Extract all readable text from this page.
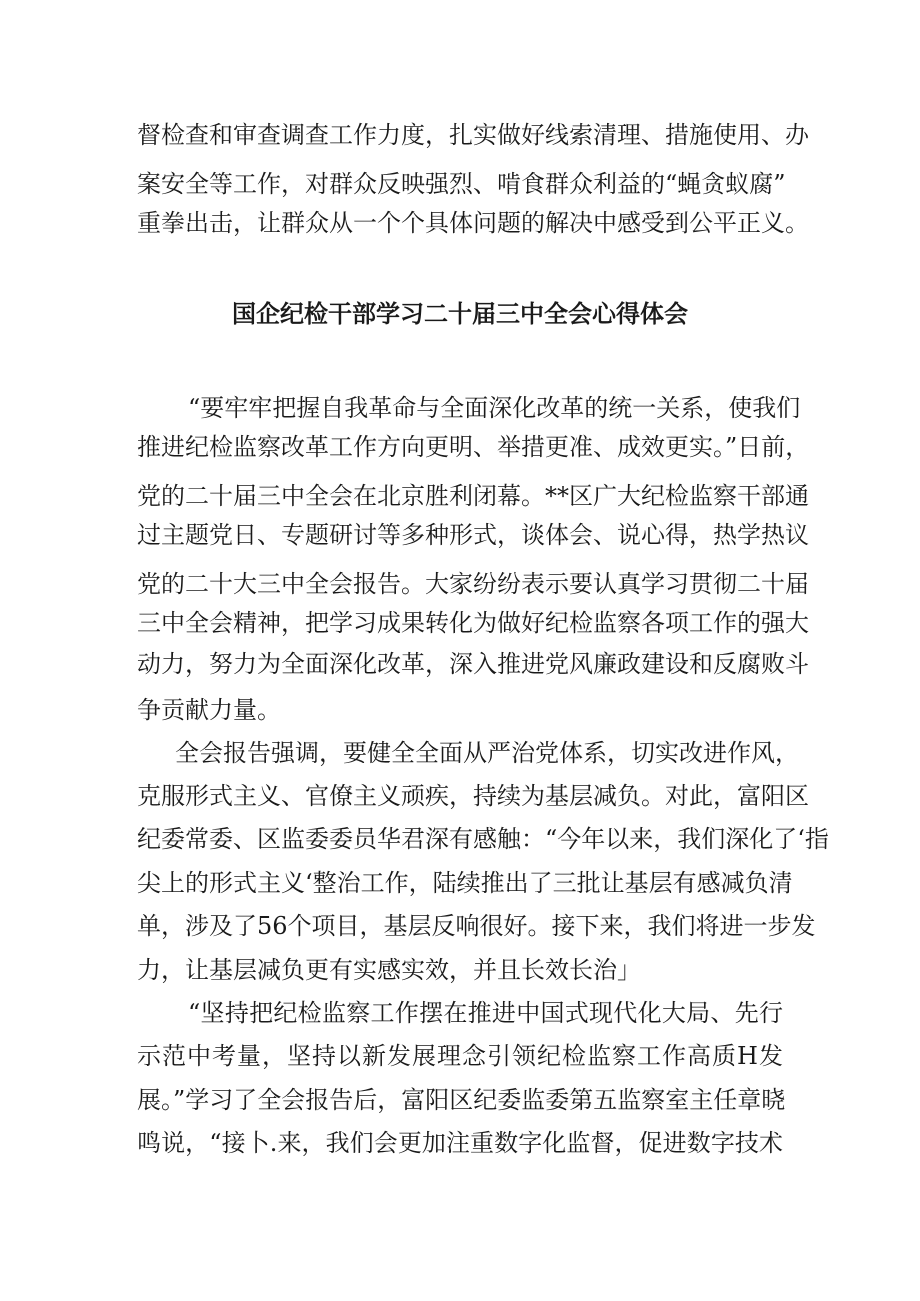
督检查和审查调查工作力度，扎实做好线索清理、措施使用、办
案安全等工作，对群众反映强烈、啃食群众利益的“蝇贪蚁腐”
重拳出击，让群众从一个个具体问题的解决中感受到公平正义。
国企纪检干部学习二十届三中全会心得体会
“要牢牢把握自我革命与全面深化改革的统一关系，使我们
推进纪检监察改革工作方向更明、举措更准、成效更实。”日前，
党的二十届三中全会在北京胜利闭幕。**区广大纪检监察干部通
过主题党日、专题研讨等多种形式，谈体会、说心得，热学热议
党的二十大三中全会报告。大家纷纷表示要认真学习贯彻二十届
三中全会精神，把学习成果转化为做好纪检监察各项工作的强大
动力，努力为全面深化改革，深入推进党风廉政建设和反腐败斗
争贡献力量。
全会报告强调，要健全全面从严治党体系，切实改进作风，
克服形式主义、官僚主义顽疾，持续为基层减负。对此，富阳区
纪委常委、区监委委员华君深有感触：“今年以来，我们深化了‘指
尖上的形式主义‘整治工作，陆续推出了三批让基层有感减负清
单，涉及了56个项目，基层反响很好。接下来，我们将进一步发
力，让基层减负更有实感实效，并且长效长治」
“坚持把纪检监察工作摆在推进中国式现代化大局、先行
示范中考量，坚持以新发展理念引领纪检监察工作高质H发
展。”学习了全会报告后，富阳区纪委监委第五监察室主任章晓
鸣说，“接卜.来，我们会更加注重数字化监督，促进数字技术
